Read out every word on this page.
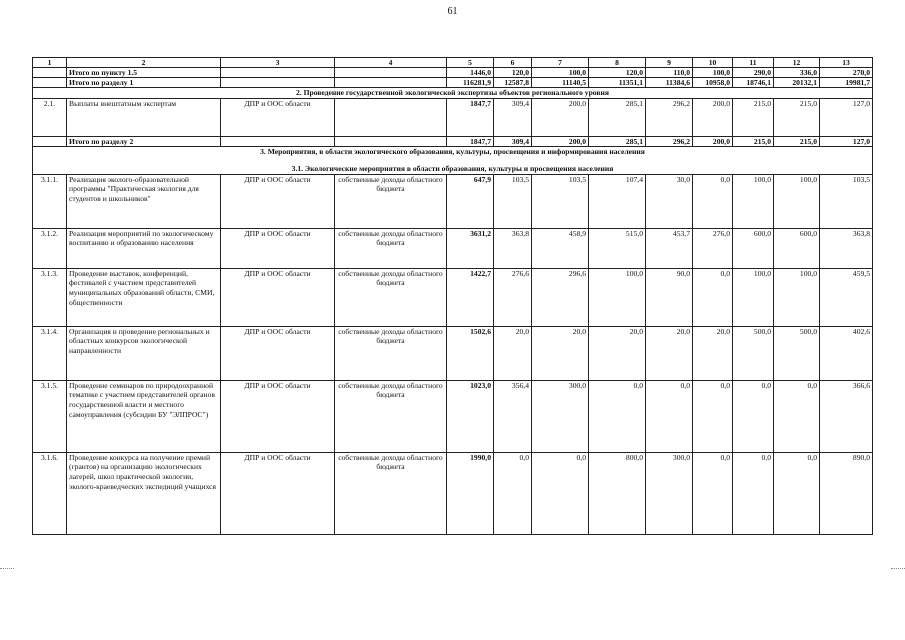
61
1	2	3	4	5	6	7	8	9	10	11	12	13
	Итого по пункту 1.5			1446,0	120,0	100,0	120,0	110,0	100,0	290,0	336,0	270,0
	Итого по разделу 1			116281,9	12587,8	11140,5	11351,1	11384,6	10958,0	18746,1	20132,1	19981,7
2. Проведение государственной экологической экспертизы объектов регионального уровня												
2.1.	Выплаты внештатным экспертам	ДПР и ООС области		1847,7	309,4	200,0	285,1	296,2	200,0	215,0	215,0	127,0
	Итого по разделу 2			1847,7	309,4	200,0	285,1	296,2	200,0	215,0	215,0	127,0

3. Мероприятия, в области экологического образования, культуры, просвещения и информирования населения
3.1. Экологические мероприятия в области образования, культуры и просвещения населения												

3.1.1.	Реализация эколого-образовательной программы "Практическая экология для студентов и школьников"	ДПР и ООС области	собственные доходы областного бюджета	647,9	103,5	103,5	107,4	30,0	0,0	100,0	100,0	103,5
3.1.2.	Реализация мероприятий по экологическому воспитанию и образованию населения	ДПР и ООС области	собственные доходы областного бюджета	3631,2	363,8	458,9	515,0	453,7	276,0	600,0	600,0	363,8
3.1.3.	Проведение выставок, конференций, фестивалей с участием представителей муниципальных образований области, СМИ, общественности	ДПР и ООС области	собственные доходы областного бюджета	1422,7	276,6	296,6	100,0	90,0	0,0	100,0	100,0	459,5
3.1.4.	Организация и проведение региональных и областных конкурсов экологической направленности	ДПР и ООС области	собственные доходы областного бюджета	1502,6	20,0	20,0	20,0	20,0	20,0	500,0	500,0	402,6
3.1.5.	Проведение семинаров по природоохранной тематике с участием представителей органов государственной власти и местного самоуправления (субсидии БУ "ЭЛПРОС")	ДПР и ООС области	собственные доходы областного бюджета	1023,0	356,4	300,0	0,0	0,0	0,0	0,0	0,0	366,6
3.1.6.	Проведение конкурса на получение премий (грантов) на организацию экологических лагерей, школ практической экологии, эколого-краеведческих экспедиций учащихся	ДПР и ООС области	собственные доходы областного бюджета	1990,0	0,0	0,0	800,0	300,0	0,0	0,0	0,0	890,0
